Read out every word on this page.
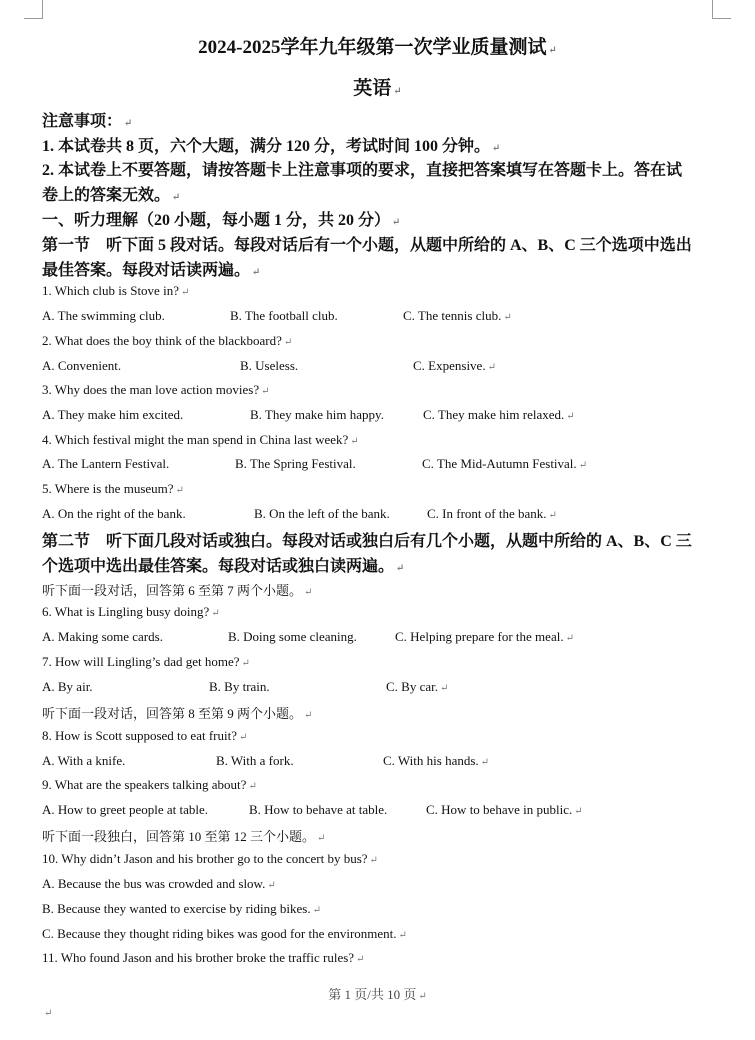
2024-2025学年九年级第一次学业质量测试 ↵
英语 ↵
注意事项： ↵
1. 本试卷共 8 页，六个大题，满分 120 分，考试时间 100 分钟。 ↵
2. 本试卷上不要答题，请按答题卡上注意事项的要求，直接把答案填写在答题卡上。答在试
卷上的答案无效。 ↵
一、听力理解（20 小题，每小题 1 分，共 20 分） ↵
第一节　听下面 5 段对话。每段对话后有一个小题，从题中所给的 A、B、C 三个选项中选出
最佳答案。每段对话读两遍。 ↵
1. Which club is Stove in? ↵
A. The swimming club.	B. The football club.	C. The tennis club. ↵
2. What does the boy think of the blackboard? ↵
A. Convenient.	B. Useless.	C. Expensive. ↵
3. Why does the man love action movies? ↵
A. They make him excited.	B. They make him happy.	C. They make him relaxed. ↵
4. Which festival might the man spend in China last week? ↵
A. The Lantern Festival.	B. The Spring Festival.	C. The Mid-Autumn Festival. ↵
5. Where is the museum? ↵
A. On the right of the bank.	B. On the left of the bank.	C. In front of the bank. ↵
第二节　听下面几段对话或独白。每段对话或独白后有几个小题，从题中所给的 A、B、C 三
个选项中选出最佳答案。每段对话或独白读两遍。 ↵
听下面一段对话，回答第 6 至第 7 两个小题。 ↵
6. What is Lingling busy doing? ↵
A. Making some cards.	B. Doing some cleaning.	C. Helping prepare for the meal. ↵
7. How will Lingling’s dad get home? ↵
A. By air.	B. By train.	C. By car. ↵
听下面一段对话，回答第 8 至第 9 两个小题。 ↵
8. How is Scott supposed to eat fruit? ↵
A. With a knife.	B. With a fork.	C. With his hands. ↵
9. What are the speakers talking about? ↵
A. How to greet people at table.	B. How to behave at table.	C. How to behave in public. ↵
听下面一段独白，回答第 10 至第 12 三个小题。 ↵
10. Why didn’t Jason and his brother go to the concert by bus? ↵
A. Because the bus was crowded and slow. ↵
B. Because they wanted to exercise by riding bikes. ↵
C. Because they thought riding bikes was good for the environment. ↵
11. Who found Jason and his brother broke the traffic rules? ↵
第 1 页/共 10 页 ↵
↵
